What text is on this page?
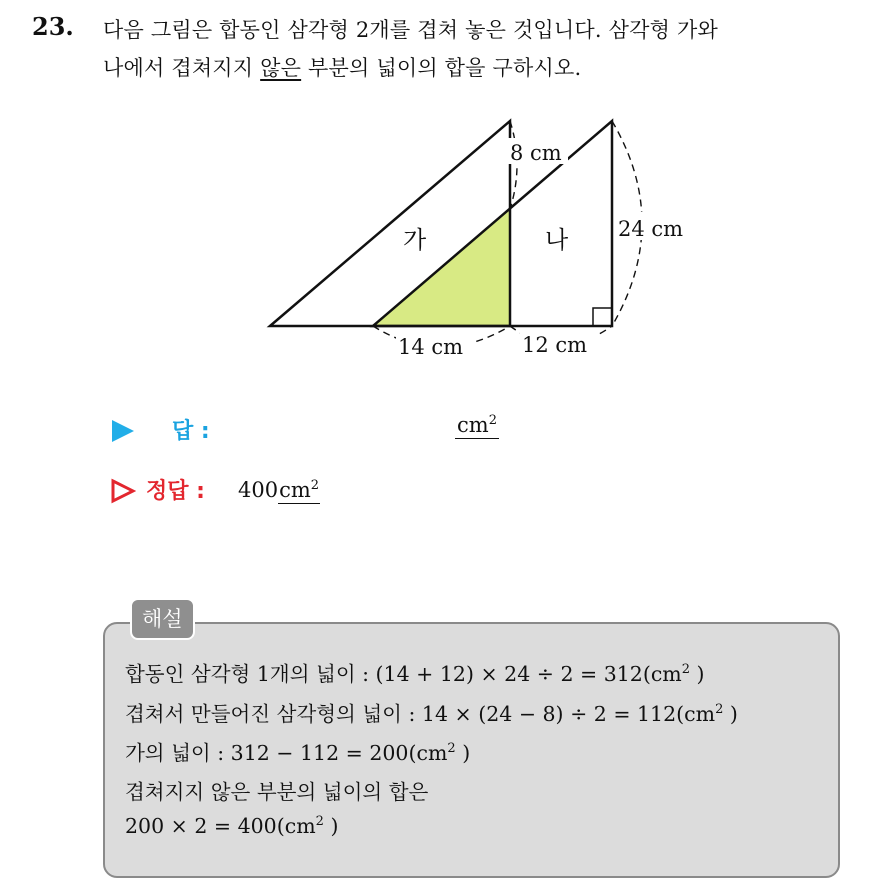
23. 다음 그림은 합동인 삼각형 2개를 겹쳐 놓은 것입니다. 삼각형 가와
나에서 겹쳐지지 않은 부분의 넓이의 합을 구하시오.
8 cm
24 cm
14 cm	12 cm
가	나
답 :	$cm^2$
정답 : $400cm^2$
해설
합동인 삼각형 1개의 넓이 : $(14 + 12) \times 24 \div 2 = 312(cm^2$ )
겹쳐서 만들어진 삼각형의 넓이 : $14 \times (24 - 8) \div 2 = 112(cm^2$ )
가의 넓이 : $312 - 112 = 200(cm^2$ )
겹쳐지지 않은 부분의 넓이의 합은
$200 \times 2 = 400(cm^2$ )
